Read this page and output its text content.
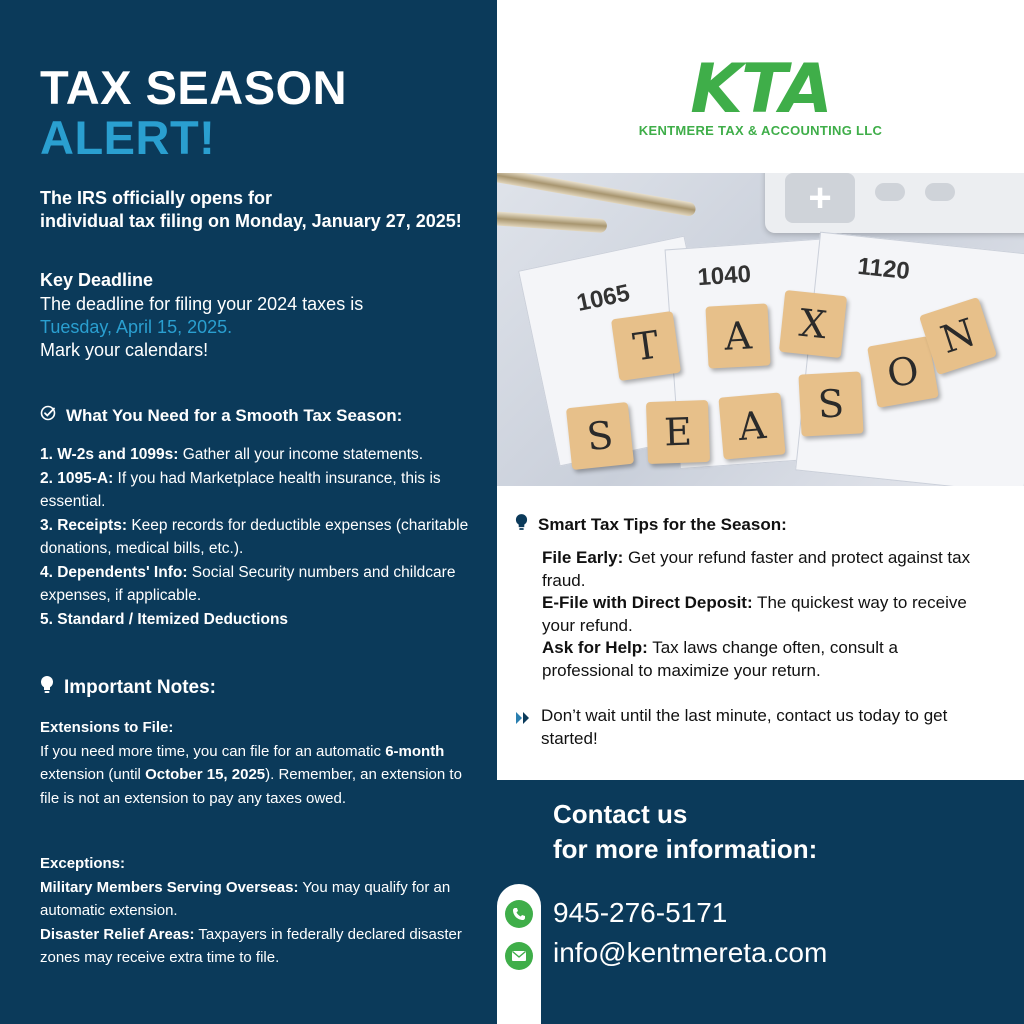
TAX SEASON
ALERT!
The IRS officially opens for
individual tax filing on Monday, January 27, 2025!
Key Deadline
The deadline for filing your 2024 taxes is
Tuesday, April 15, 2025.
Mark your calendars!
What You Need for a Smooth Tax Season:
1. W-2s and 1099s: Gather all your income statements.
2. 1095-A: If you had Marketplace health insurance, this is essential.
3. Receipts: Keep records for deductible expenses (charitable donations, medical bills, etc.).
4. Dependents' Info: Social Security numbers and childcare expenses, if applicable.
5. Standard / Itemized Deductions
Important Notes:
Extensions to File:
If you need more time, you can file for an automatic 6-month extension (until October 15, 2025). Remember, an extension to file is not an extension to pay any taxes owed.
Exceptions:
Military Members Serving Overseas: You may qualify for an automatic extension.
Disaster Relief Areas: Taxpayers in federally declared disaster zones may receive extra time to file.
KTA
KENTMERE TAX & ACCOUNTING LLC
+
1065
1040	1120
T	A	X
S	E	A	S
O
N
Smart Tax Tips for the Season:
File Early: Get your refund faster and protect against tax fraud.
E-File with Direct Deposit: The quickest way to receive your refund.
Ask for Help: Tax laws change often, consult a professional to maximize your return.
Don’t wait until the last minute, contact us today to get started!
Contact us
for more information:
945-276-5171
info@kentmereta.com
